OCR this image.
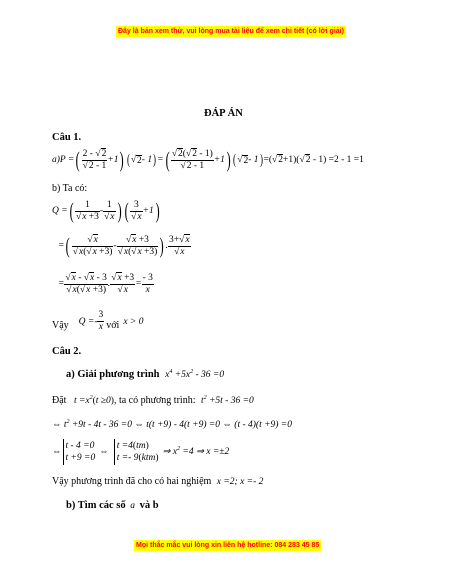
Đây là bản xem thử, vui lòng mua tài liệu để xem chi tiết (có lời giải)
ĐÁP ÁN
Câu 1.
a) P = ( $\frac{2 - √2}{√2 - 1} +1$ ) ( √ 2 - 1 ) = ( $\frac{√2(√2 - 1)}{√2 - 1} +1$ ) ( √ 2 - 1 ) =(√2+1)(√2 - 1) =2 - 1 =1
b) Ta có:
Q = ( $\frac{1}{√x +3} - \frac{1}{√x}$ ) ( $\frac{3}{√x} +1$ )
= ( $\frac{√x}{√x(√x +3)} - \frac{√x +3}{√x(√x +3)}$ ) . $\frac{3+√x}{√x}$
= $\frac{√x - √x - 3}{√x(√x +3)}$ . $\frac{√x +3}{√x} = \frac{- 3}{x}$
Vậy $Q =- \frac{3}{x}$ với x > 0
Câu 2.
a) Giải phương trình $x^4 +5x^2 - 36 =0$
Đặt $t =x^2(t \ge 0)$, ta có phương trình: $t^2 +5t - 36 =0$
⇔ $t^2 +9t - 4t - 36 =0$ ⇔ t(t +9) - 4(t +9) =0 ⇔ (t - 4)(t +9) =0
⇔
t - 4 =0
t +9 =0
⇔
t =4(tm)
t =- 9(ktm)
⇒ $x^2 =4$ ⇒ x =±2
Vậy phương trình đã cho có hai nghiệm x =2; x =- 2
b) Tìm các số a và b
Mọi thắc mắc vui lòng xin liên hệ hotline: 084 283 45 85
